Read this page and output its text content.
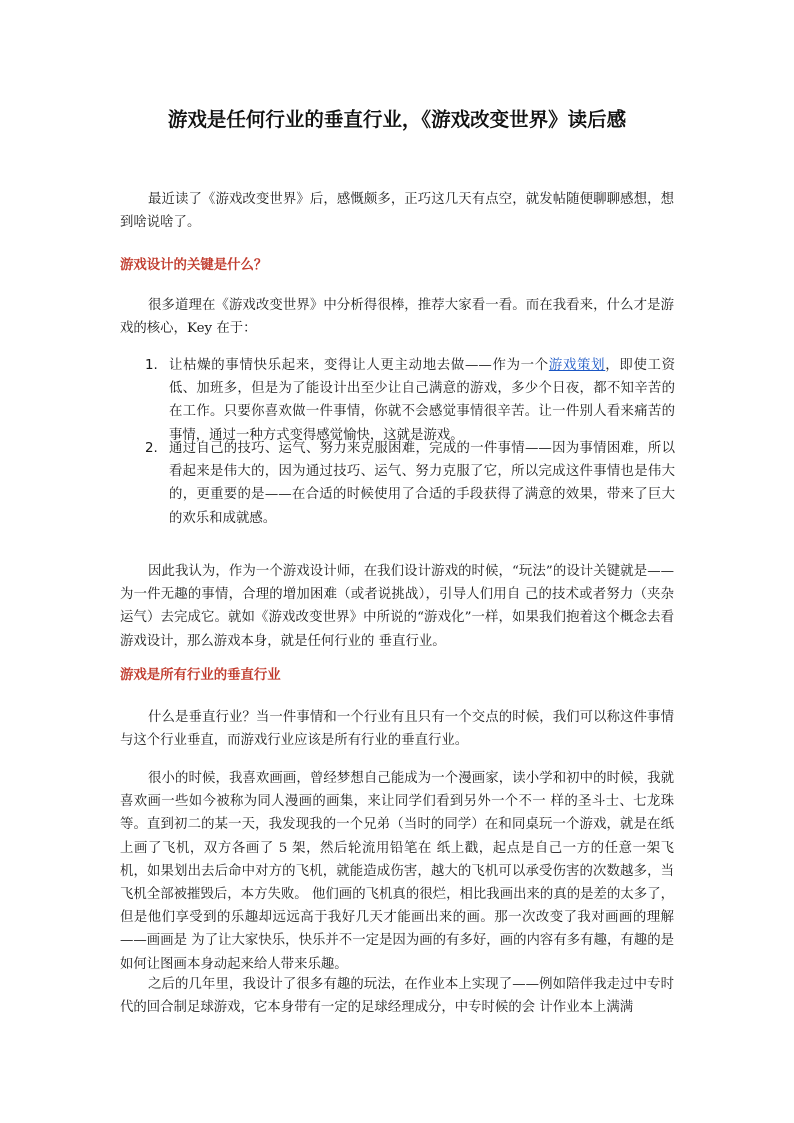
游戏是任何行业的垂直行业，《游戏改变世界》读后感

最近读了《游戏改变世界》后，感慨颇多，正巧这几天有点空，就发帖随便聊聊感想，想到啥说啥了。

游戏设计的关键是什么？

很多道理在《游戏改变世界》中分析得很棒，推荐大家看一看。而在我看来，什么才是游戏的核心，Key 在于：

1. 让枯燥的事情快乐起来，变得让人更主动地去做——作为一个游戏策划，即使工资低、加班多，但是为了能设计出至少让自己满意的游戏，多少个日夜，都不知辛苦的在工作。只要你喜欢做一件事情，你就不会感觉事情很辛苦。让一件别人看来痛苦的事情，通过一种方式变得感觉愉快，这就是游戏。

2. 通过自己的技巧、运气、努力来克服困难，完成的一件事情——因为事情困难，所以看起来是伟大的，因为通过技巧、运气、努力克服了它，所以完成这件事情也是伟大的，更重要的是——在合适的时候使用了合适的手段获得了满意的效果，带来了巨大的欢乐和成就感。

因此我认为，作为一个游戏设计师，在我们设计游戏的时候，“玩法”的设计关键就是——为一件无趣的事情，合理的增加困难（或者说挑战），引导人们用自 己的技术或者努力（夹杂运气）去完成它。就如《游戏改变世界》中所说的“游戏化”一样，如果我们抱着这个概念去看游戏设计，那么游戏本身，就是任何行业的 垂直行业。

游戏是所有行业的垂直行业

什么是垂直行业？当一件事情和一个行业有且只有一个交点的时候，我们可以称这件事情与这个行业垂直，而游戏行业应该是所有行业的垂直行业。

很小的时候，我喜欢画画，曾经梦想自己能成为一个漫画家，读小学和初中的时候，我就喜欢画一些如今被称为同人漫画的画集，来让同学们看到另外一个不一 样的圣斗士、七龙珠等。直到初二的某一天，我发现我的一个兄弟（当时的同学）在和同桌玩一个游戏，就是在纸上画了飞机，双方各画了 5 架，然后轮流用铅笔在 纸上戳，起点是自己一方的任意一架飞机，如果划出去后命中对方的飞机，就能造成伤害，越大的飞机可以承受伤害的次数越多，当飞机全部被摧毁后，本方失败。 他们画的飞机真的很烂，相比我画出来的真的是差的太多了，但是他们享受到的乐趣却远远高于我好几天才能画出来的画。那一次改变了我对画画的理解——画画是 为了让大家快乐，快乐并不一定是因为画的有多好，画的内容有多有趣，有趣的是如何让图画本身动起来给人带来乐趣。

之后的几年里，我设计了很多有趣的玩法，在作业本上实现了——例如陪伴我走过中专时代的回合制足球游戏，它本身带有一定的足球经理成分，中专时候的会 计作业本上满满
